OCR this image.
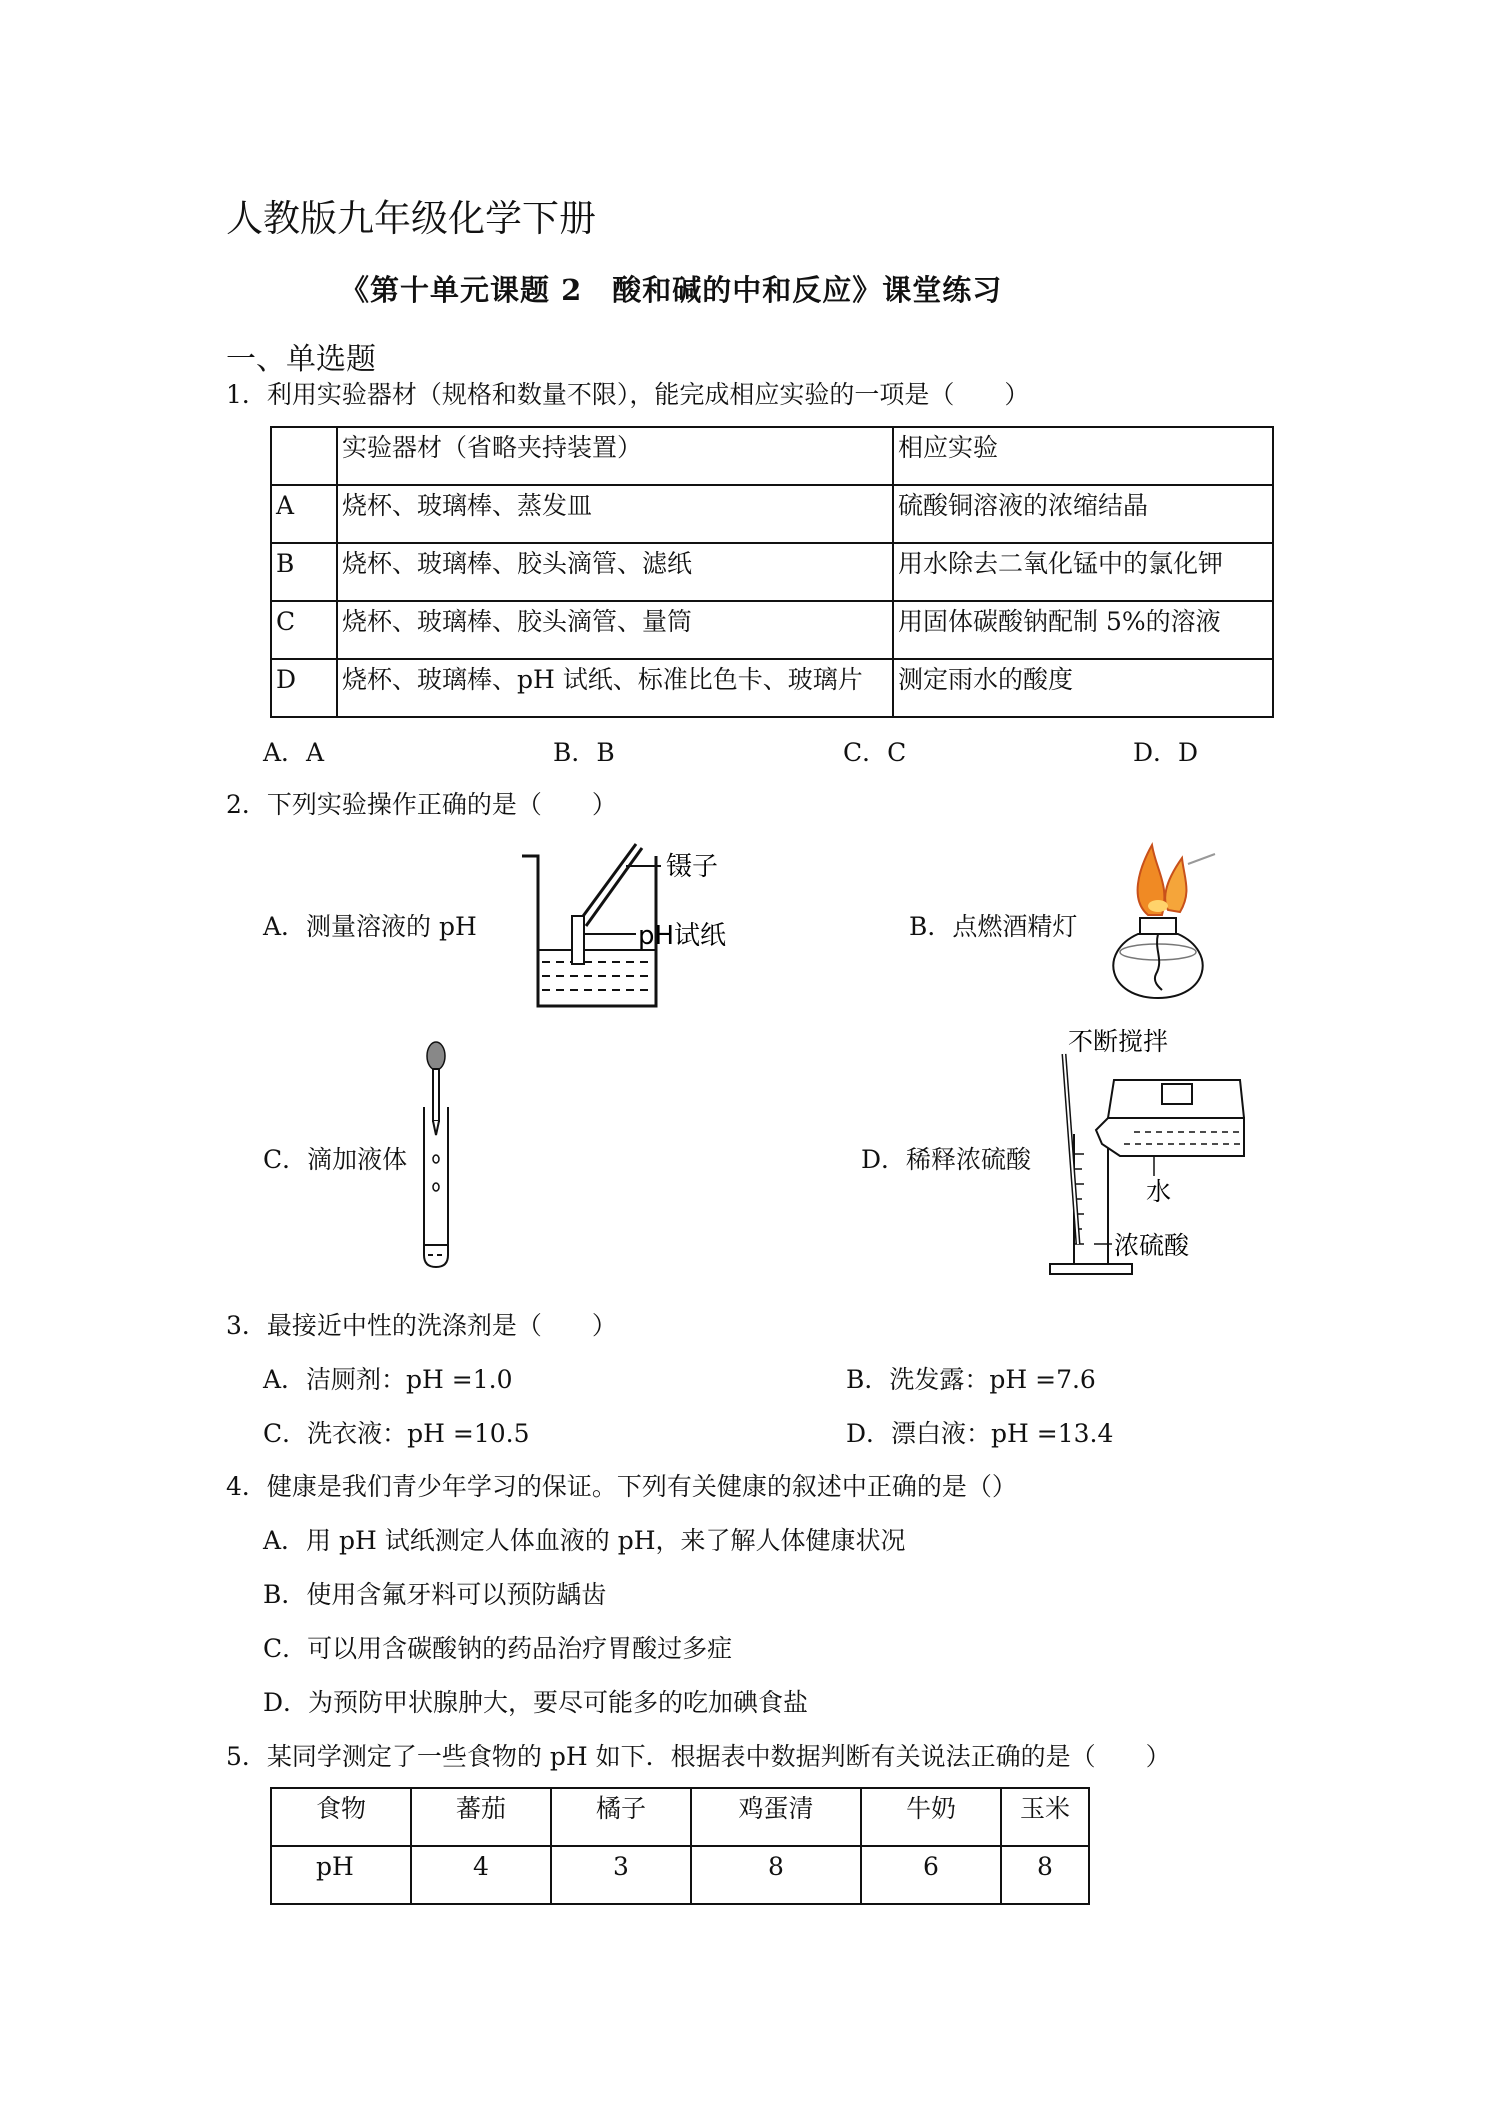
人教版九年级化学下册
《第十单元课题 2　酸和碱的中和反应》课堂练习
一、单选题
1．利用实验器材（规格和数量不限），能完成相应实验的一项是（　　）
	实验器材（省略夹持装置）	相应实验
A	烧杯、玻璃棒、蒸发皿	硫酸铜溶液的浓缩结晶
B	烧杯、玻璃棒、胶头滴管、滤纸	用水除去二氧化锰中的氯化钾
C	烧杯、玻璃棒、胶头滴管、量筒	用固体碳酸钠配制 5%的溶液
D	烧杯、玻璃棒、pH 试纸、标准比色卡、玻璃片	测定雨水的酸度
A．A	B．B	C．C	D．D
2．下列实验操作正确的是（　　）
A．测量溶液的 pH
镊子
pH试纸	B．点燃酒精灯
C．滴加液体	D．稀释浓硫酸
不断搅拌
水
浓硫酸
3．最接近中性的洗涤剂是（　　）
A．洁厕剂：pH =1.0	B．洗发露：pH =7.6
C．洗衣液：pH =10.5	D．漂白液：pH =13.4
4．健康是我们青少年学习的保证。下列有关健康的叙述中正确的是（）
A．用 pH 试纸测定人体血液的 pH，来了解人体健康状况
B．使用含氟牙料可以预防龋齿
C．可以用含碳酸钠的药品治疗胃酸过多症
D．为预防甲状腺肿大，要尽可能多的吃加碘食盐
5．某同学测定了一些食物的 pH 如下．根据表中数据判断有关说法正确的是（　　）
食物	蕃茄	橘子	鸡蛋清	牛奶	玉米
pH	4	3	8	6	8
